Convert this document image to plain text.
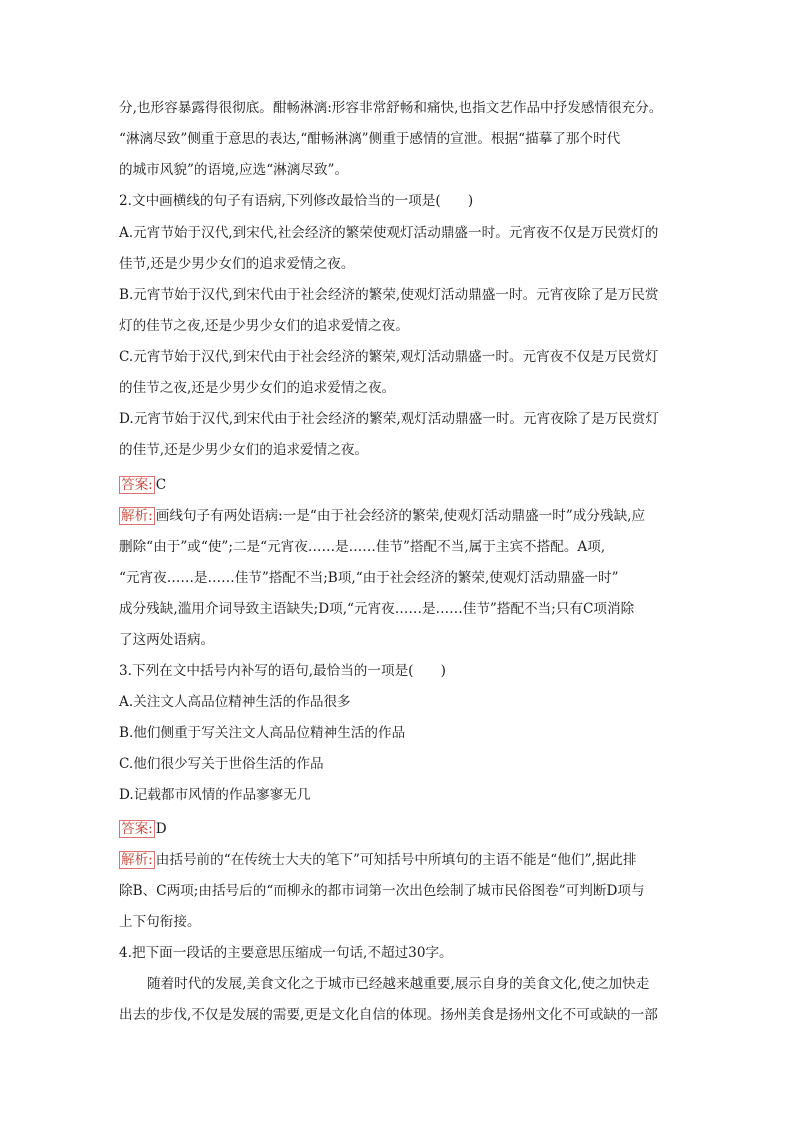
分,也形容暴露得很彻底。酣畅淋漓:形容非常舒畅和痛快,也指文艺作品中抒发感情很充分。
“淋漓尽致”侧重于意思的表达,“酣畅淋漓”侧重于感情的宣泄。根据“描摹了那个时代
的城市风貌”的语境,应选“淋漓尽致”。
2.文中画横线的句子有语病,下列修改最恰当的一项是(　　)
A.元宵节始于汉代,到宋代,社会经济的繁荣使观灯活动鼎盛一时。元宵夜不仅是万民赏灯的
佳节,还是少男少女们的追求爱情之夜。
B.元宵节始于汉代,到宋代由于社会经济的繁荣,使观灯活动鼎盛一时。元宵夜除了是万民赏
灯的佳节之夜,还是少男少女们的追求爱情之夜。
C.元宵节始于汉代,到宋代由于社会经济的繁荣,观灯活动鼎盛一时。元宵夜不仅是万民赏灯
的佳节之夜,还是少男少女们的追求爱情之夜。
D.元宵节始于汉代,到宋代由于社会经济的繁荣,观灯活动鼎盛一时。元宵夜除了是万民赏灯
的佳节,还是少男少女们的追求爱情之夜。
答案: C
解析: 画线句子有两处语病:一是“由于社会经济的繁荣,使观灯活动鼎盛一时”成分残缺,应
删除“由于”或“使”;二是“元宵夜……是……佳节”搭配不当,属于主宾不搭配。A项,
“元宵夜……是……佳节”搭配不当;B项,“由于社会经济的繁荣,使观灯活动鼎盛一时”
成分残缺,滥用介词导致主语缺失;D项,“元宵夜……是……佳节”搭配不当;只有C项消除
了这两处语病。
3.下列在文中括号内补写的语句,最恰当的一项是(　　)
A.关注文人高品位精神生活的作品很多
B.他们侧重于写关注文人高品位精神生活的作品
C.他们很少写关于世俗生活的作品
D.记载都市风情的作品寥寥无几
答案: D
解析: 由括号前的“在传统士大夫的笔下”可知括号中所填句的主语不能是“他们”,据此排
除B、C两项;由括号后的“而柳永的都市词第一次出色绘制了城市民俗图卷”可判断D项与
上下句衔接。
4.把下面一段话的主要意思压缩成一句话,不超过30字。
随着时代的发展,美食文化之于城市已经越来越重要,展示自身的美食文化,使之加快走
出去的步伐,不仅是发展的需要,更是文化自信的体现。扬州美食是扬州文化不可或缺的一部
